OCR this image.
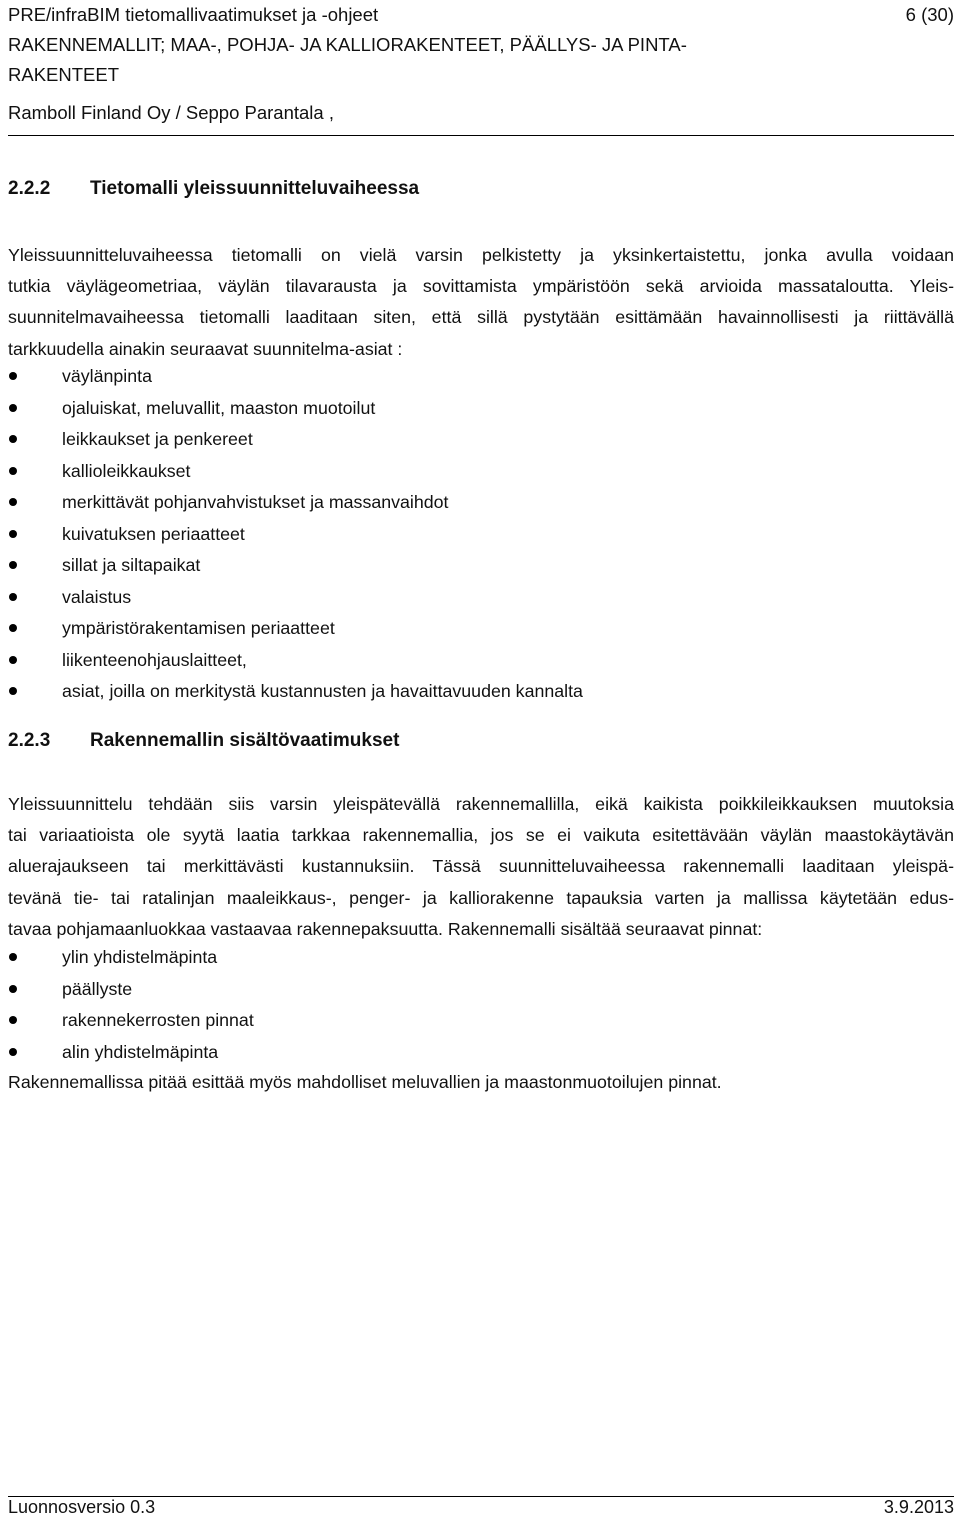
PRE/infraBIM tietomallivaatimukset ja -ohjeet	6 (30)
RAKENNEMALLIT; MAA-, POHJA- JA KALLIORAKENTEET, PÄÄLLYS- JA PINTA-
RAKENTEET
Ramboll Finland Oy / Seppo Parantala ,
2.2.2 Tietomalli yleissuunnitteluvaiheessa
Yleissuunnitteluvaiheessa tietomalli on vielä varsin pelkistetty ja yksinkertaistettu, jonka avulla voidaan
tutkia väylägeometriaa, väylän tilavarausta ja sovittamista ympäristöön sekä arvioida massataloutta. Yleis-
suunnitelmavaiheessa tietomalli laaditaan siten, että sillä pystytään esittämään havainnollisesti ja riittävällä
tarkkuudella ainakin seuraavat suunnitelma-asiat :
väylänpinta
ojaluiskat, meluvallit, maaston muotoilut
leikkaukset ja penkereet
kallioleikkaukset
merkittävät pohjanvahvistukset ja massanvaihdot
kuivatuksen periaatteet
sillat ja siltapaikat
valaistus
ympäristörakentamisen periaatteet
liikenteenohjauslaitteet,
asiat, joilla on merkitystä kustannusten ja havaittavuuden kannalta
2.2.3 Rakennemallin sisältövaatimukset
Yleissuunnittelu tehdään siis varsin yleispätevällä rakennemallilla, eikä kaikista poikkileikkauksen muutoksia
tai variaatioista ole syytä laatia tarkkaa rakennemallia, jos se ei vaikuta esitettävään väylän maastokäytävän
aluerajaukseen tai merkittävästi kustannuksiin. Tässä suunnitteluvaiheessa rakennemalli laaditaan yleispä-
tevänä tie- tai ratalinjan maaleikkaus-, penger- ja kalliorakenne tapauksia varten ja mallissa käytetään edus-
tavaa pohjamaanluokkaa vastaavaa rakennepaksuutta. Rakennemalli sisältää seuraavat pinnat:
ylin yhdistelmäpinta
päällyste
rakennekerrosten pinnat
alin yhdistelmäpinta
Rakennemallissa pitää esittää myös mahdolliset meluvallien ja maastonmuotoilujen pinnat.
Luonnosversio 0.3	3.9.2013
